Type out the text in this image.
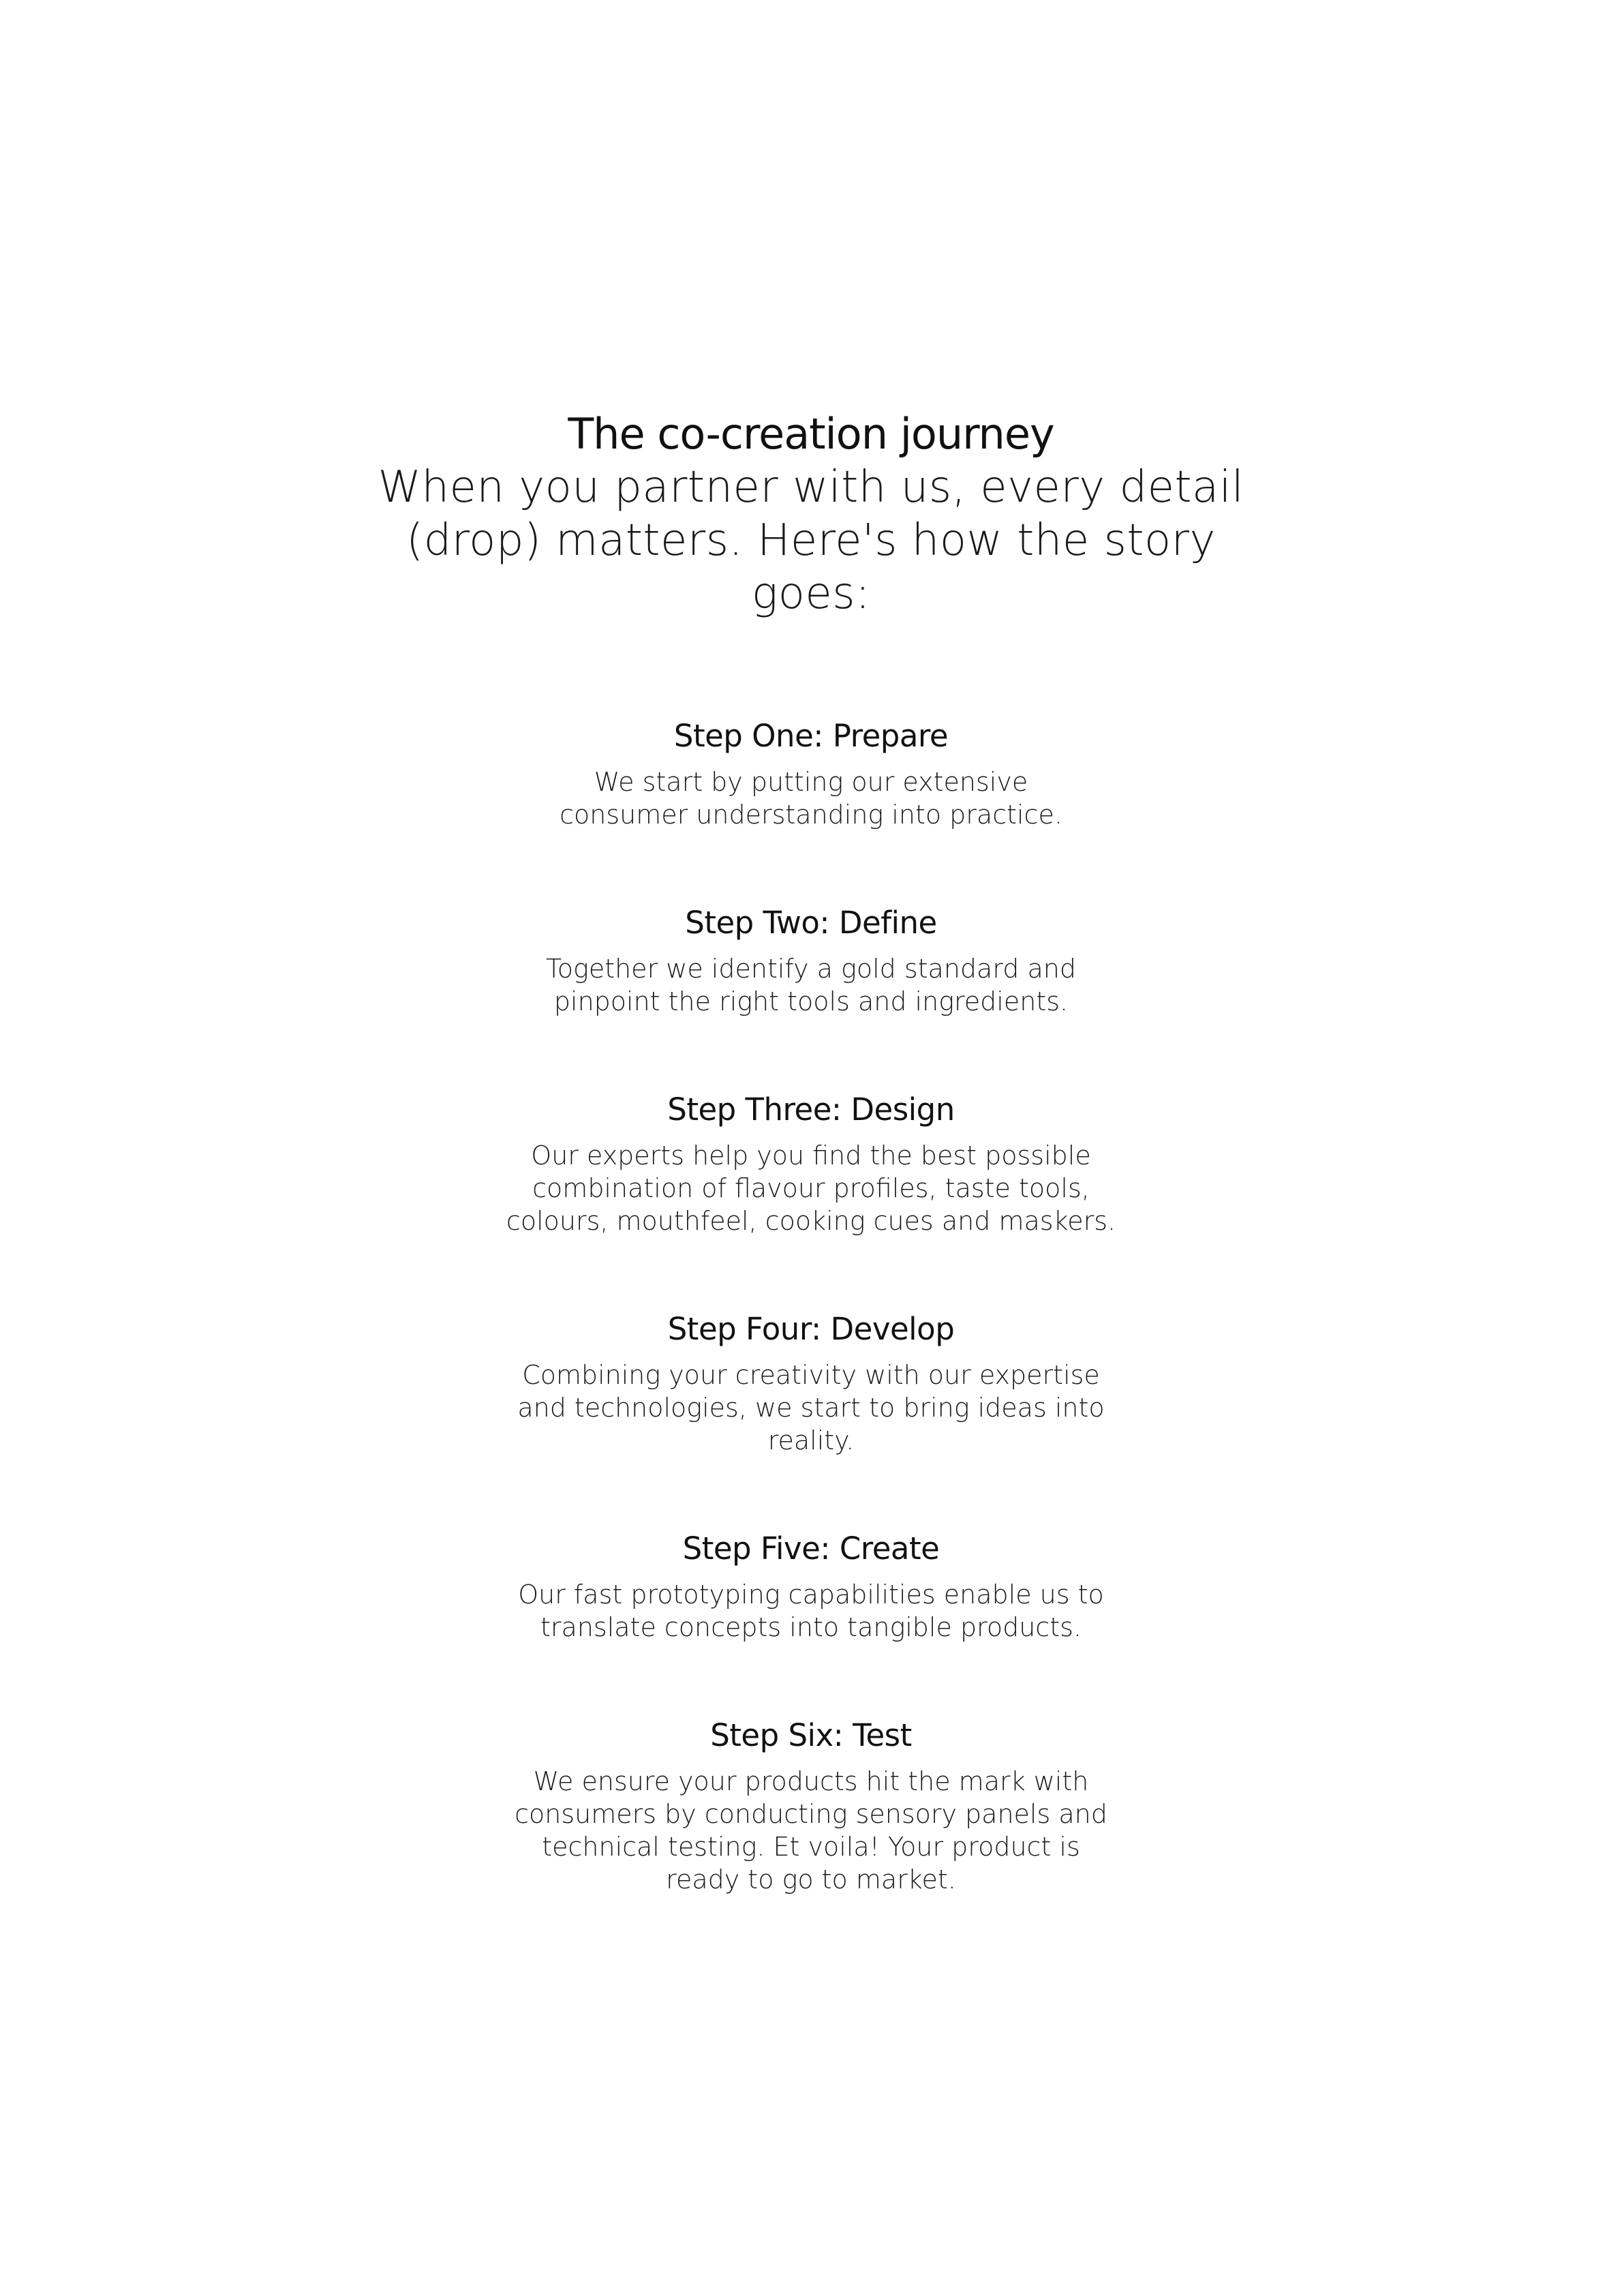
The co-creation journey

When you partner with us, every detail (drop) matters. Here's how the story goes:

Step One: Prepare

We start by putting our extensive consumer understanding into practice.

Step Two: Define

Together we identify a gold standard and pinpoint the right tools and ingredients.

Step Three: Design

Our experts help you find the best possible combination of flavour profiles, taste tools, colours, mouthfeel, cooking cues and maskers.

Step Four: Develop

Combining your creativity with our expertise and technologies, we start to bring ideas into reality.

Step Five: Create

Our fast prototyping capabilities enable us to translate concepts into tangible products.

Step Six: Test

We ensure your products hit the mark with consumers by conducting sensory panels and technical testing. Et voila! Your product is ready to go to market.
